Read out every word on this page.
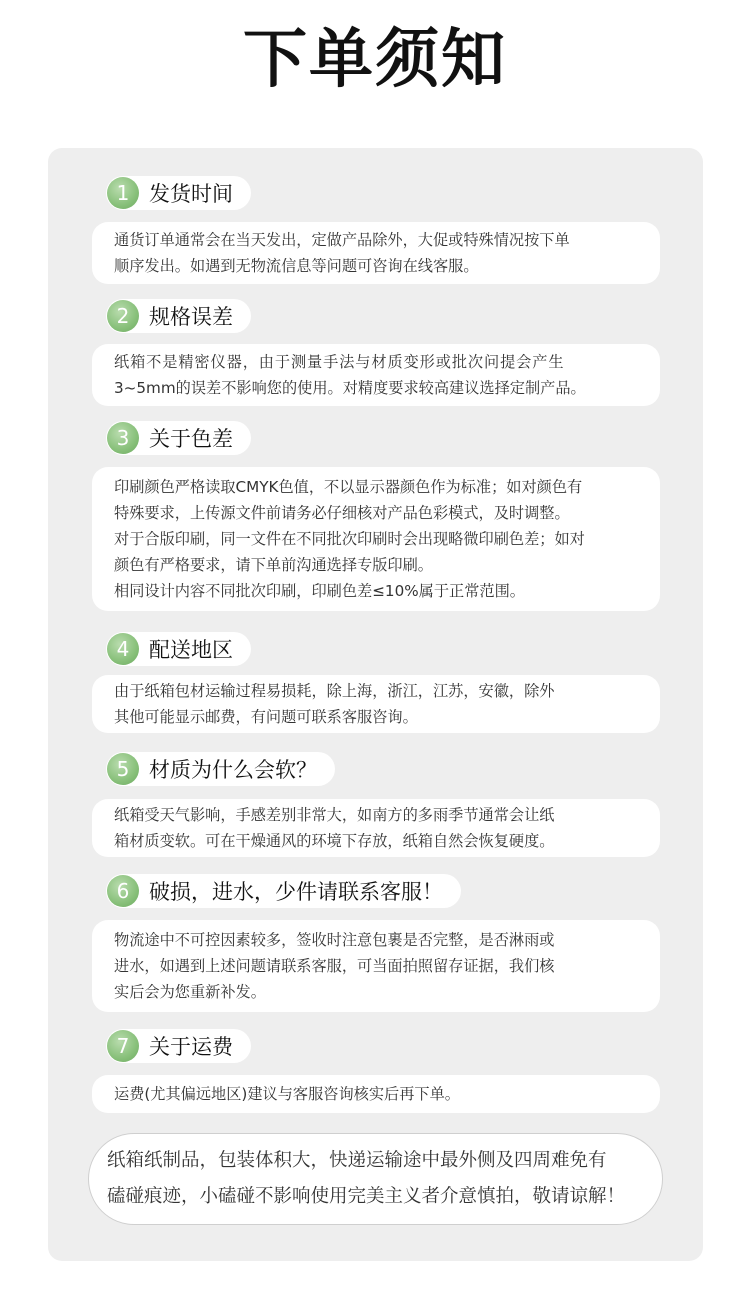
下单须知
1 发货时间
通货订单通常会在当天发出，定做产品除外，大促或特殊情况按下单
顺序发出。如遇到无物流信息等问题可咨询在线客服。
2 规格误差
纸箱不是精密仪器，由于测量手法与材质变形或批次问提会产生
3~5mm的误差不影响您的使用。对精度要求较高建议选择定制产品。
3 关于色差
印刷颜色严格读取CMYK色值，不以显示器颜色作为标准；如对颜色有
特殊要求，上传源文件前请务必仔细核对产品色彩模式，及时调整。
对于合版印刷，同一文件在不同批次印刷时会出现略微印刷色差；如对
颜色有严格要求，请下单前沟通选择专版印刷。
相同设计内容不同批次印刷，印刷色差≤10%属于正常范围。
4 配送地区
由于纸箱包材运输过程易损耗，除上海，浙江，江苏，安徽，除外
其他可能显示邮费，有问题可联系客服咨询。
5 材质为什么会软？
纸箱受天气影响，手感差别非常大，如南方的多雨季节通常会让纸
箱材质变软。可在干燥通风的环境下存放，纸箱自然会恢复硬度。
6 破损，进水，少件请联系客服！
物流途中不可控因素较多，签收时注意包裹是否完整，是否淋雨或
进水，如遇到上述问题请联系客服，可当面拍照留存证据，我们核
实后会为您重新补发。
7 关于运费
运费(尤其偏远地区)建议与客服咨询核实后再下单。
纸箱纸制品，包装体积大，快递运输途中最外侧及四周难免有
磕碰痕迹，小磕碰不影响使用完美主义者介意慎拍，敬请谅解！
